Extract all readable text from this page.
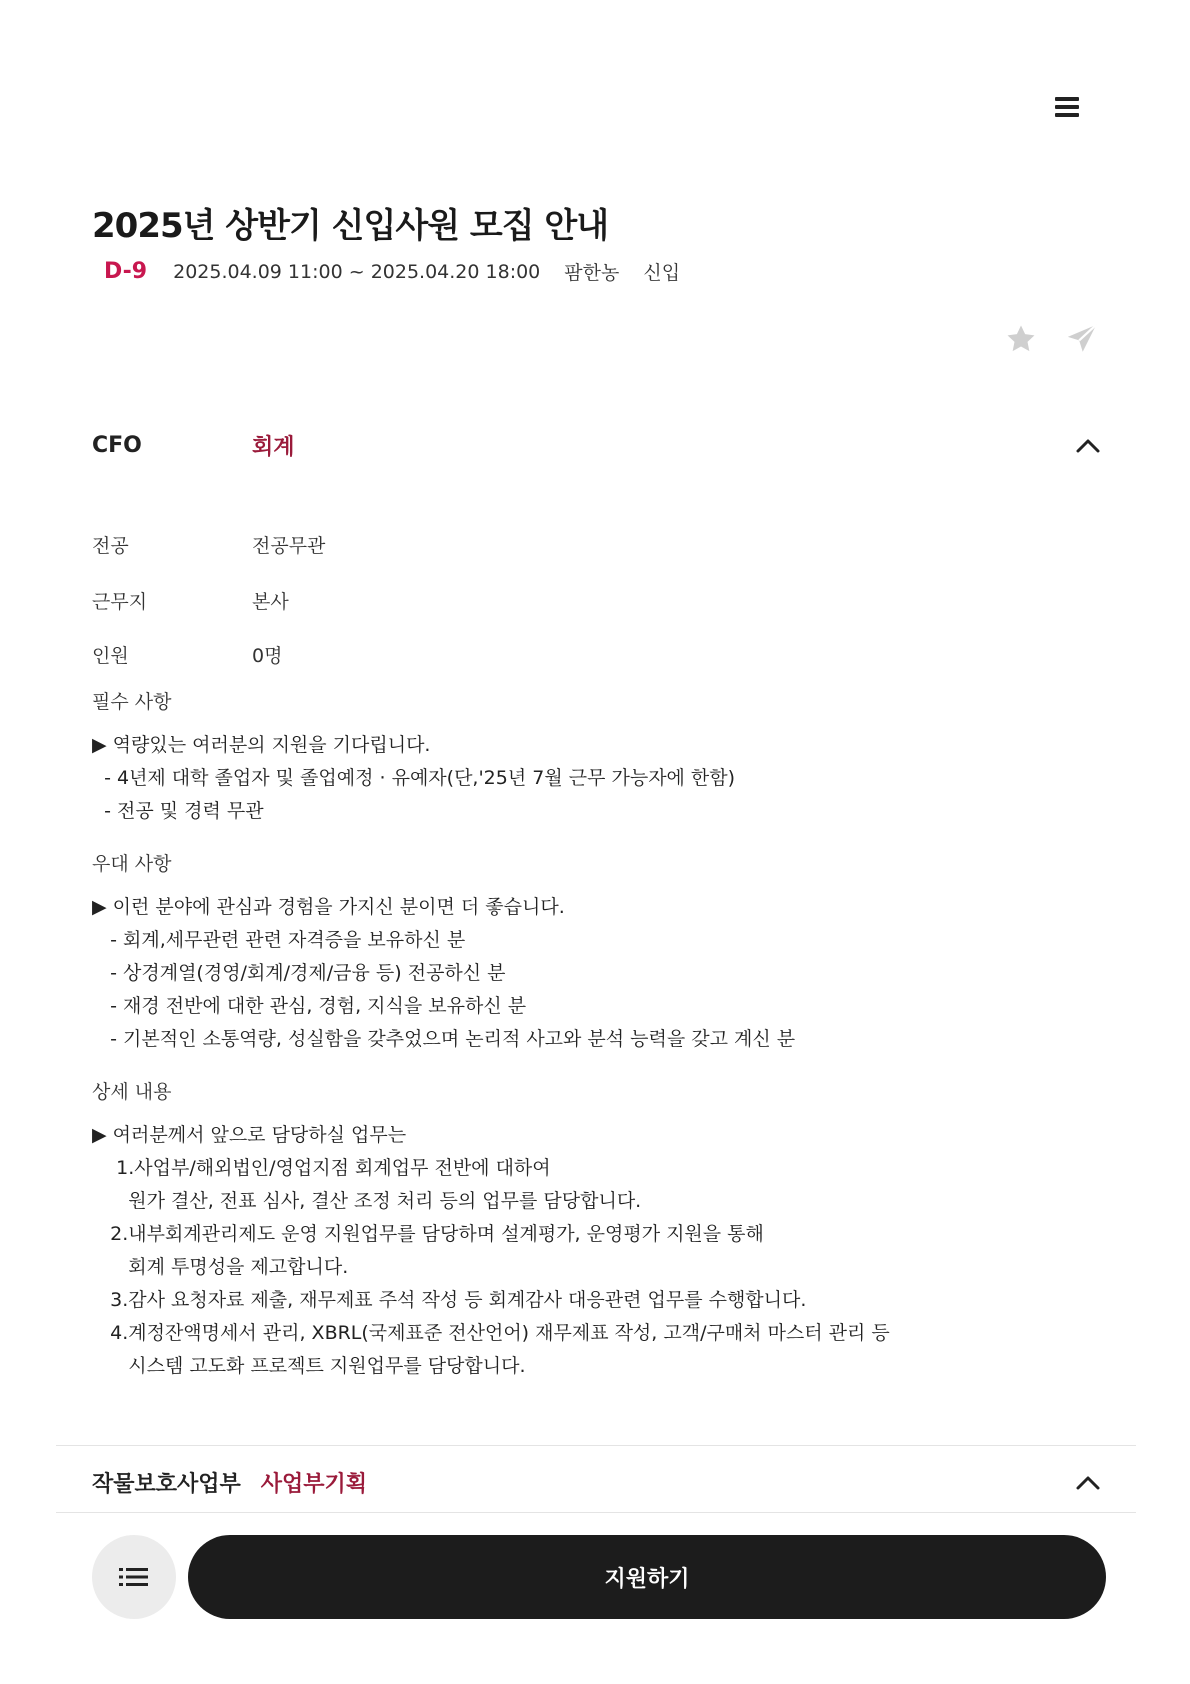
2025년 상반기 신입사원 모집 안내
D-9 2025.04.09 11:00 ~ 2025.04.20 18:00 팜한농 신입
CFO	회계
전공	전공무관
근무지	본사
인원	0명
필수 사항
▶ 역량있는 여러분의 지원을 기다립니다.
- 4년제 대학 졸업자 및 졸업예정 · 유예자(단,'25년 7월 근무 가능자에 한함)
- 전공 및 경력 무관
우대 사항
▶ 이런 분야에 관심과 경험을 가지신 분이면 더 좋습니다.
- 회계,세무관련 관련 자격증을 보유하신 분
- 상경계열(경영/회계/경제/금융 등) 전공하신 분
- 재경 전반에 대한 관심, 경험, 지식을 보유하신 분
- 기본적인 소통역량, 성실함을 갖추었으며 논리적 사고와 분석 능력을 갖고 계신 분
상세 내용
▶ 여러분께서 앞으로 담당하실 업무는
1.사업부/해외법인/영업지점 회계업무 전반에 대하여
원가 결산, 전표 심사, 결산 조정 처리 등의 업무를 담당합니다.
2.내부회계관리제도 운영 지원업무를 담당하며 설계평가, 운영평가 지원을 통해
회계 투명성을 제고합니다.
3.감사 요청자료 제출, 재무제표 주석 작성 등 회계감사 대응관련 업무를 수행합니다.
4.계정잔액명세서 관리, XBRL(국제표준 전산언어) 재무제표 작성, 고객/구매처 마스터 관리 등
시스템 고도화 프로젝트 지원업무를 담당합니다.
작물보호사업부 사업부기획
지원하기
